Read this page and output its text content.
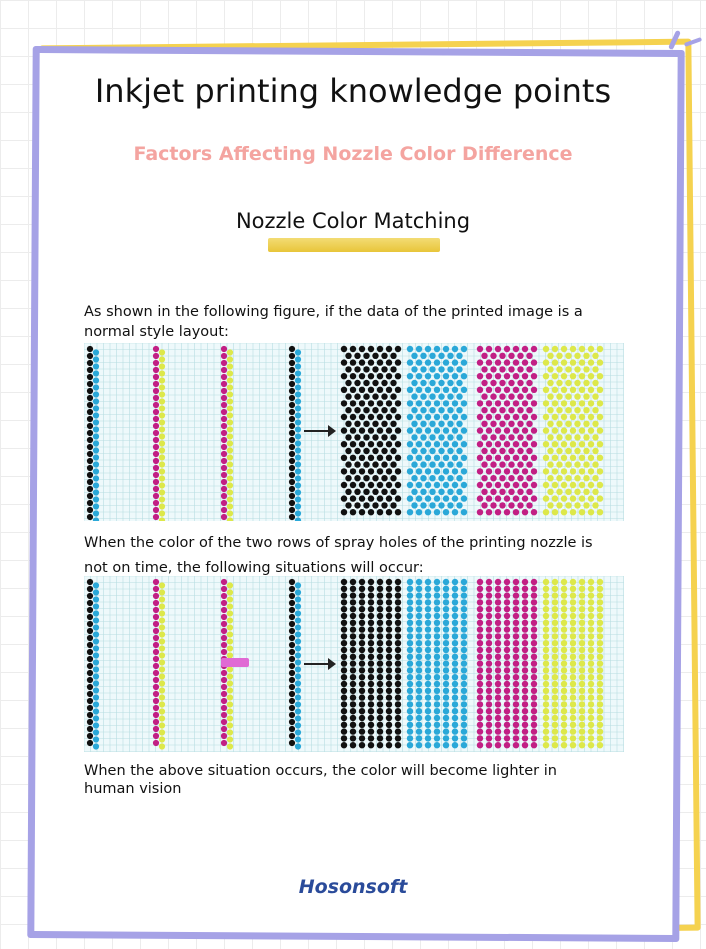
Inkjet printing knowledge points
Factors Affecting Nozzle Color Difference
Nozzle Color Matching
As shown in the following figure, if the data of the printed image is a normal style layout:
When the color of the two rows of spray holes of the printing nozzle is not on time, the following situations will occur:
When the above situation occurs, the color will become lighter in human vision
Hosonsoft
